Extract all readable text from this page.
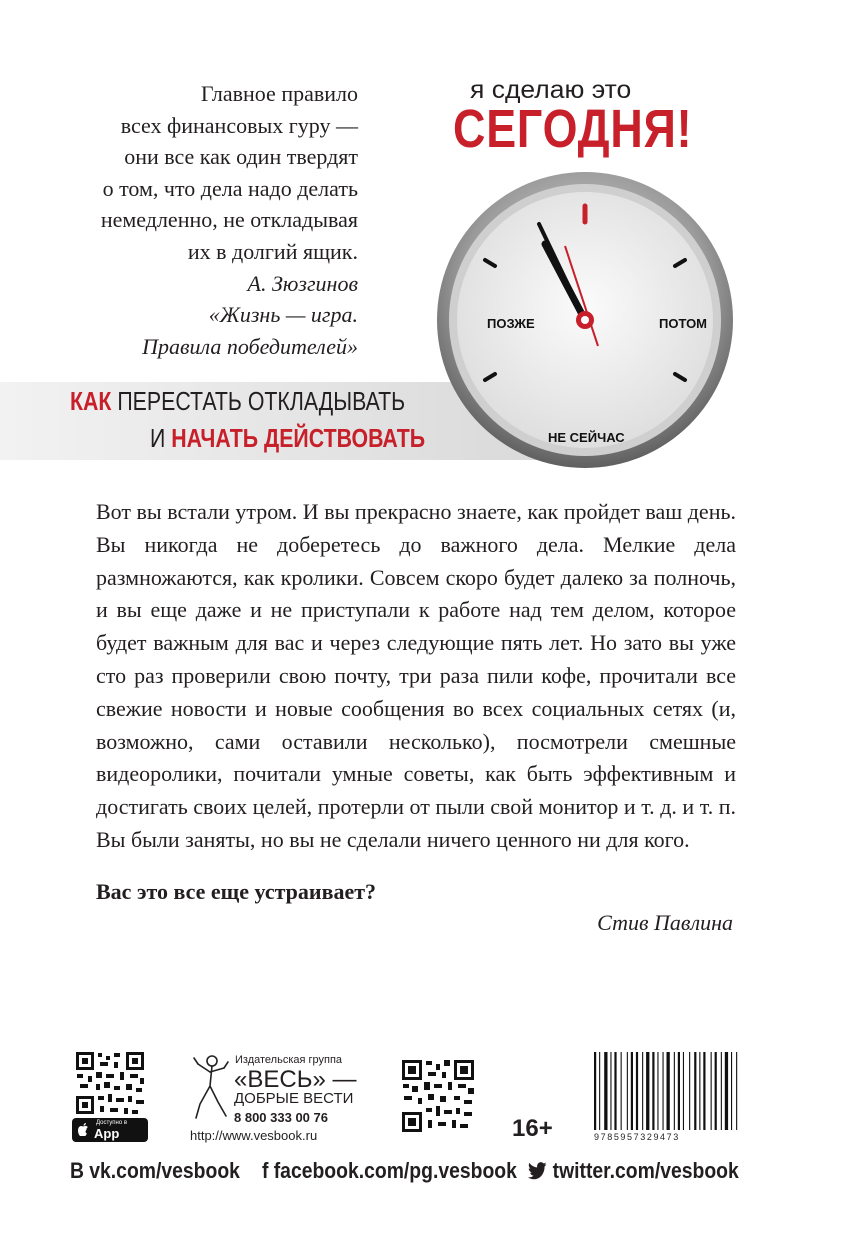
Главное правило
всех финансовых гуру —
они все как один твердят
о том, что дела надо делать
немедленно, не откладывая
их в долгий ящик.
А. Зюзгинов
«Жизнь — игра.
Правила победителей»
я сделаю это
СЕГОДНЯ!
КАК ПЕРЕСТАТЬ ОТКЛАДЫВАТЬ
И НАЧАТЬ ДЕЙСТВОВАТЬ
ПОЗЖЕ	ПОТОМ
НЕ СЕЙЧАС

Вот вы встали утром. И вы прекрасно знаете, как пройдет ваш день. Вы никогда не доберетесь до важного дела. Мелкие дела размножаются, как кролики. Совсем скоро будет далеко за полночь, и вы еще даже и не приступали к работе над тем делом, которое будет важным для вас и через следующие пять лет. Но зато вы уже сто раз проверили свою почту, три раза пили кофе, прочитали все свежие новости и новые сообщения во всех социальных сетях (и, возможно, сами оставили несколько), посмотрели смешные видеоролики, почитали умные советы, как быть эффективным и достигать своих целей, протерли от пыли свой монитор и т. д. и т. п. Вы были заняты, но вы не сделали ничего ценного ни для кого.

Вас это все еще устраивает?
Стив Павлина
Доступно в
App Store
Издательская группа
«ВЕСЬ» —
ДОБРЫЕ ВЕСТИ
8 800 333 00 76
http://www.vesbook.ru	16+	9785957329473
B vk.com/vesbook f facebook.com/pg.vesbook	twitter.com/vesbook
